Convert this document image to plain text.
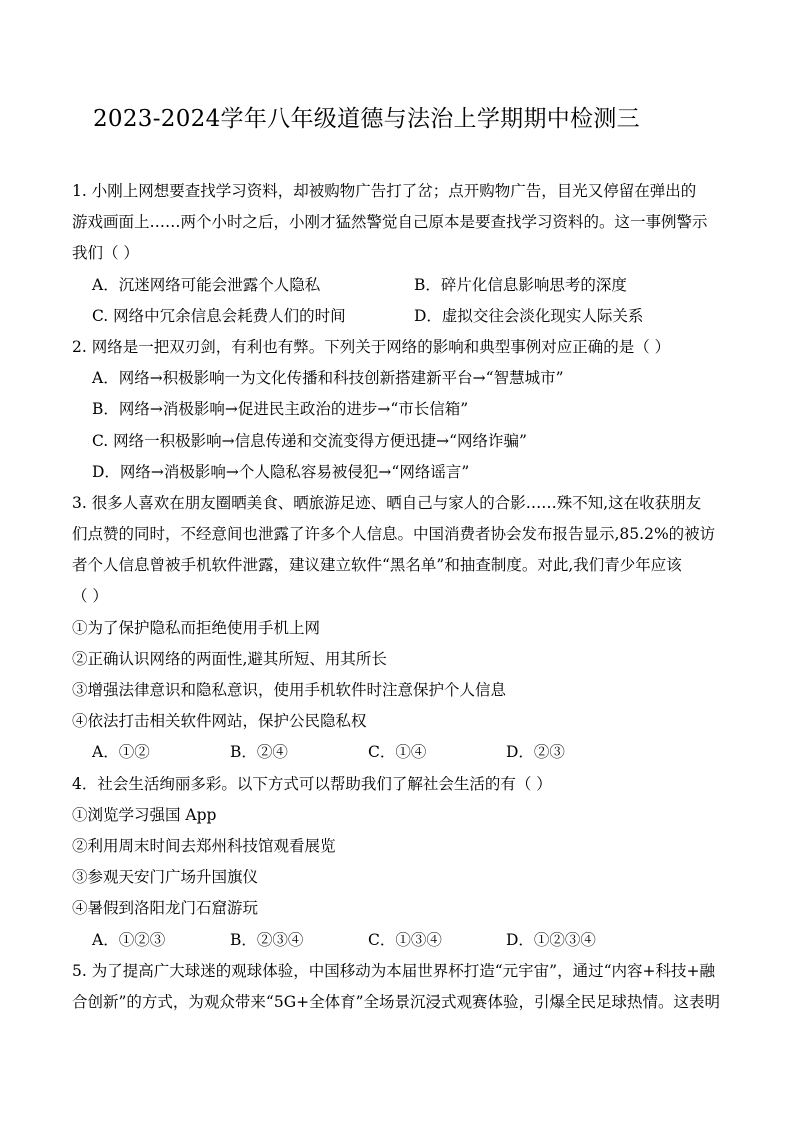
2023-2024学年八年级道德与法治上学期期中检测三
1. 小刚上网想要查找学习资料，却被购物广告打了岔；点开购物广告，目光又停留在弹出的
游戏画面上……两个小时之后，小刚才猛然警觉自己原本是要查找学习资料的。这一事例警示
我们（ ）
A．沉迷网络可能会泄露个人隐私	B．碎片化信息影响思考的深度
C. 网络中冗余信息会耗费人们的时间	D．虚拟交往会淡化现实人际关系
2. 网络是一把双刃剑，有利也有弊。下列关于网络的影响和典型事例对应正确的是（ ）
A．网络→积极影响一为文化传播和科技创新搭建新平台→“智慧城市”
B．网络→消极影响→促进民主政治的进步→“市长信箱”
C. 网络一积极影响→信息传递和交流变得方便迅捷→“网络诈骗”
D．网络→消极影响→个人隐私容易被侵犯→“网络谣言”
3. 很多人喜欢在朋友圈晒美食、晒旅游足迹、晒自己与家人的合影……殊不知,这在收获朋友
们点赞的同时，不经意间也泄露了许多个人信息。中国消费者协会发布报告显示,85.2%的被访
者个人信息曾被手机软件泄露，建议建立软件“黑名单”和抽查制度。对此,我们青少年应该
（ ）
①为了保护隐私而拒绝使用手机上网
②正确认识网络的两面性,避其所短、用其所长
③增强法律意识和隐私意识，使用手机软件时注意保护个人信息
④依法打击相关软件网站，保护公民隐私权
A．①②	B．②④	C．①④	D．②③
4．社会生活绚丽多彩。以下方式可以帮助我们了解社会生活的有（ ）
①浏览学习强国 App
②利用周末时间去郑州科技馆观看展览
③参观天安门广场升国旗仪
④暑假到洛阳龙门石窟游玩
A．①②③	B．②③④	C．①③④	D．①②③④
5. 为了提高广大球迷的观球体验，中国移动为本届世界杯打造“元宇宙”，通过“内容+科技+融
合创新”的方式，为观众带来“5G+全体育”全场景沉浸式观赛体验，引爆全民足球热情。这表明
